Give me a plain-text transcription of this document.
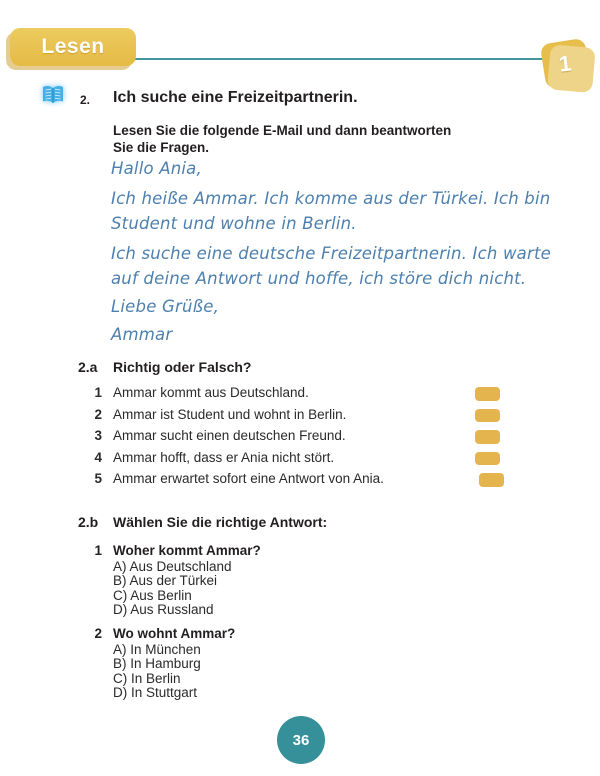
Lesen
1
2. Ich suche eine Freizeitpartnerin.
Lesen Sie die folgende E-Mail und dann beantworten Sie die Fragen.
Hallo Ania,
Ich heiße Ammar. Ich komme aus der Türkei. Ich bin
Student und wohne in Berlin.
Ich suche eine deutsche Freizeitpartnerin. Ich warte
auf deine Antwort und hoffe, ich störe dich nicht.
Liebe Grüße,
Ammar
2.a Richtig oder Falsch?
1 Ammar kommt aus Deutschland.
2 Ammar ist Student und wohnt in Berlin.
3 Ammar sucht einen deutschen Freund.
4 Ammar hofft, dass er Ania nicht stört.
5 Ammar erwartet sofort eine Antwort von Ania.
2.b Wählen Sie die richtige Antwort:
1 Woher kommt Ammar?
A) Aus Deutschland
B) Aus der Türkei
C) Aus Berlin
D) Aus Russland
2 Wo wohnt Ammar?
A) In München
B) In Hamburg
C) In Berlin
D) In Stuttgart
36
